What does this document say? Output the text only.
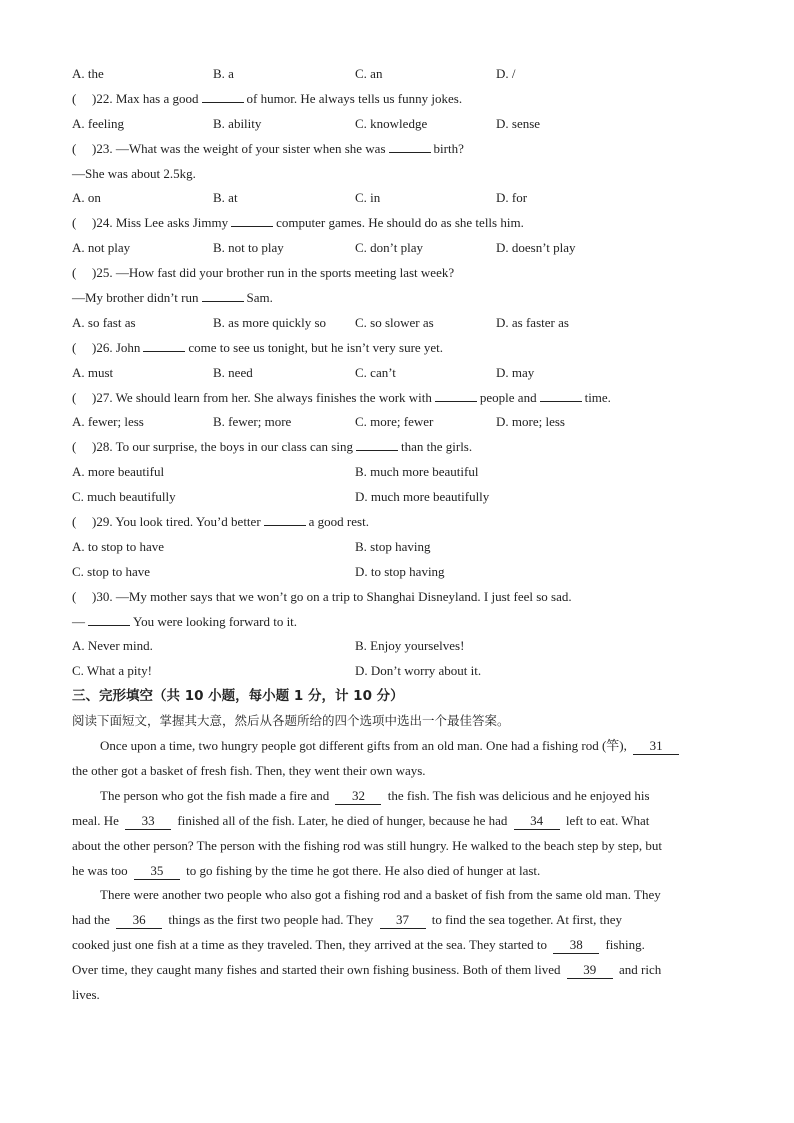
A. the	B. a	C. an	D. /
( )22. Max has a good	of humor. He always tells us funny jokes.
A. feeling	B. ability	C. knowledge	D. sense
( )23. —What was the weight of your sister when she was	birth?
—She was about 2.5kg.
A. on	B. at	C. in	D. for
( )24. Miss Lee asks Jimmy	computer games. He should do as she tells him.
A. not play	B. not to play	C. don’t play	D. doesn’t play
( )25. —How fast did your brother run in the sports meeting last week?
—My brother didn’t run	Sam.
A. so fast as	B. as more quickly so C. so slower as	D. as faster as
( )26. John	come to see us tonight, but he isn’t very sure yet.
A. must	B. need	C. can’t	D. may
( )27. We should learn from her. She always finishes the work with	people and	time.
A. fewer; less	B. fewer; more	C. more; fewer	D. more; less
( )28. To our surprise, the boys in our class can sing	than the girls.
A. more beautiful	B. much more beautiful
C. much beautifully	D. much more beautifully
( )29. You look tired. You’d better	a good rest.
A. to stop to have	B. stop having
C. stop to have	D. to stop having
( )30. —My mother says that we won’t go on a trip to Shanghai Disneyland. I just feel so sad.
—	You were looking forward to it.
A. Never mind.	B. Enjoy yourselves!
C. What a pity!	D. Don’t worry about it.
三、完形填空（共 10 小题，每小题 1 分，计 10 分）
阅读下面短文，掌握其大意，然后从各题所给的四个选项中选出一个最佳答案。
Once upon a time, two hungry people got different gifts from an old man. One had a fishing rod (竿), 31
the other got a basket of fresh fish. Then, they went their own ways.
The person who got the fish made a fire and 32 the fish. The fish was delicious and he enjoyed his
meal. He 33 finished all of the fish. Later, he died of hunger, because he had 34 left to eat. What
about the other person? The person with the fishing rod was still hungry. He walked to the beach step by step, but
he was too 35 to go fishing by the time he got there. He also died of hunger at last.
There were another two people who also got a fishing rod and a basket of fish from the same old man. They
had the 36 things as the first two people had. They 37 to find the sea together. At first, they
cooked just one fish at a time as they traveled. Then, they arrived at the sea. They started to 38 fishing.
Over time, they caught many fishes and started their own fishing business. Both of them lived 39 and rich
lives.
